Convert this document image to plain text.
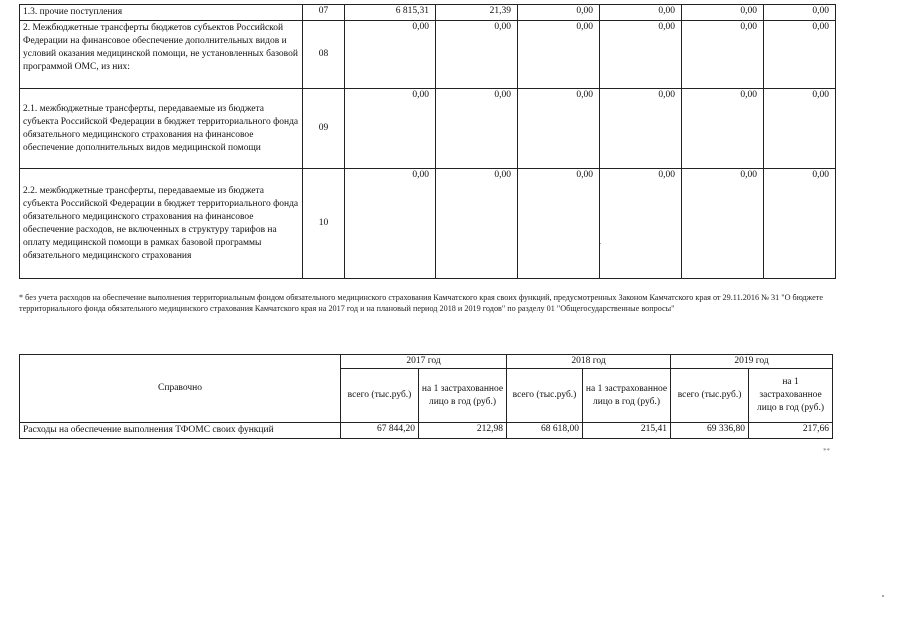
1.3. прочие поступления	07	6 815,31	21,39	0,00	0,00	0,00	0,00
2. Межбюджетные трансферты бюджетов субъектов Российской Федерации на финансовое обеспечение дополнительных видов и условий оказания медицинской помощи, не установленных базовой программой ОМС, из них:	08	0,00	0,00	0,00	0,00	0,00	0,00
2.1. межбюджетные трансферты, передаваемые из бюджета субъекта Российской Федерации в бюджет территориального фонда обязательного медицинского страхования на финансовое обеспечение дополнительных видов медицинской помощи	09	0,00	0,00	0,00	0,00	0,00	0,00
2.2. межбюджетные трансферты, передаваемые из бюджета субъекта Российской Федерации в бюджет территориального фонда обязательного медицинского страхования на финансовое обеспечение расходов, не включенных в структуру тарифов на оплату медицинской помощи в рамках базовой программы обязательного медицинского страхования	10	0,00	0,00	0,00	0,00	0,00	0,00
* без учета расходов на обеспечение выполнения территориальным фондом обязательного медицинского страхования Камчатского края своих функций, предусмотренных Законом Камчатского края от 29.11.2016 № 31 "О бюджете территориального фонда обязательного медицинского страхования Камчатского края на 2017 год и на плановый период 2018 и 2019 годов" по разделу 01 "Общегосударственные вопросы"
Справочно	2017 год		2018 год		2019 год	
	всего (тыс.руб.)	на 1 застрахованное лицо в год (руб.)	всего (тыс.руб.)	на 1 застрахованное лицо в год (руб.)	всего (тыс.руб.)	на 1 застрахованное лицо в год (руб.)
Расходы на обеспечение выполнения ТФОМС своих функций	67 844,20	212,98	68 618,00	215,41	69 336,80	217,66
**
